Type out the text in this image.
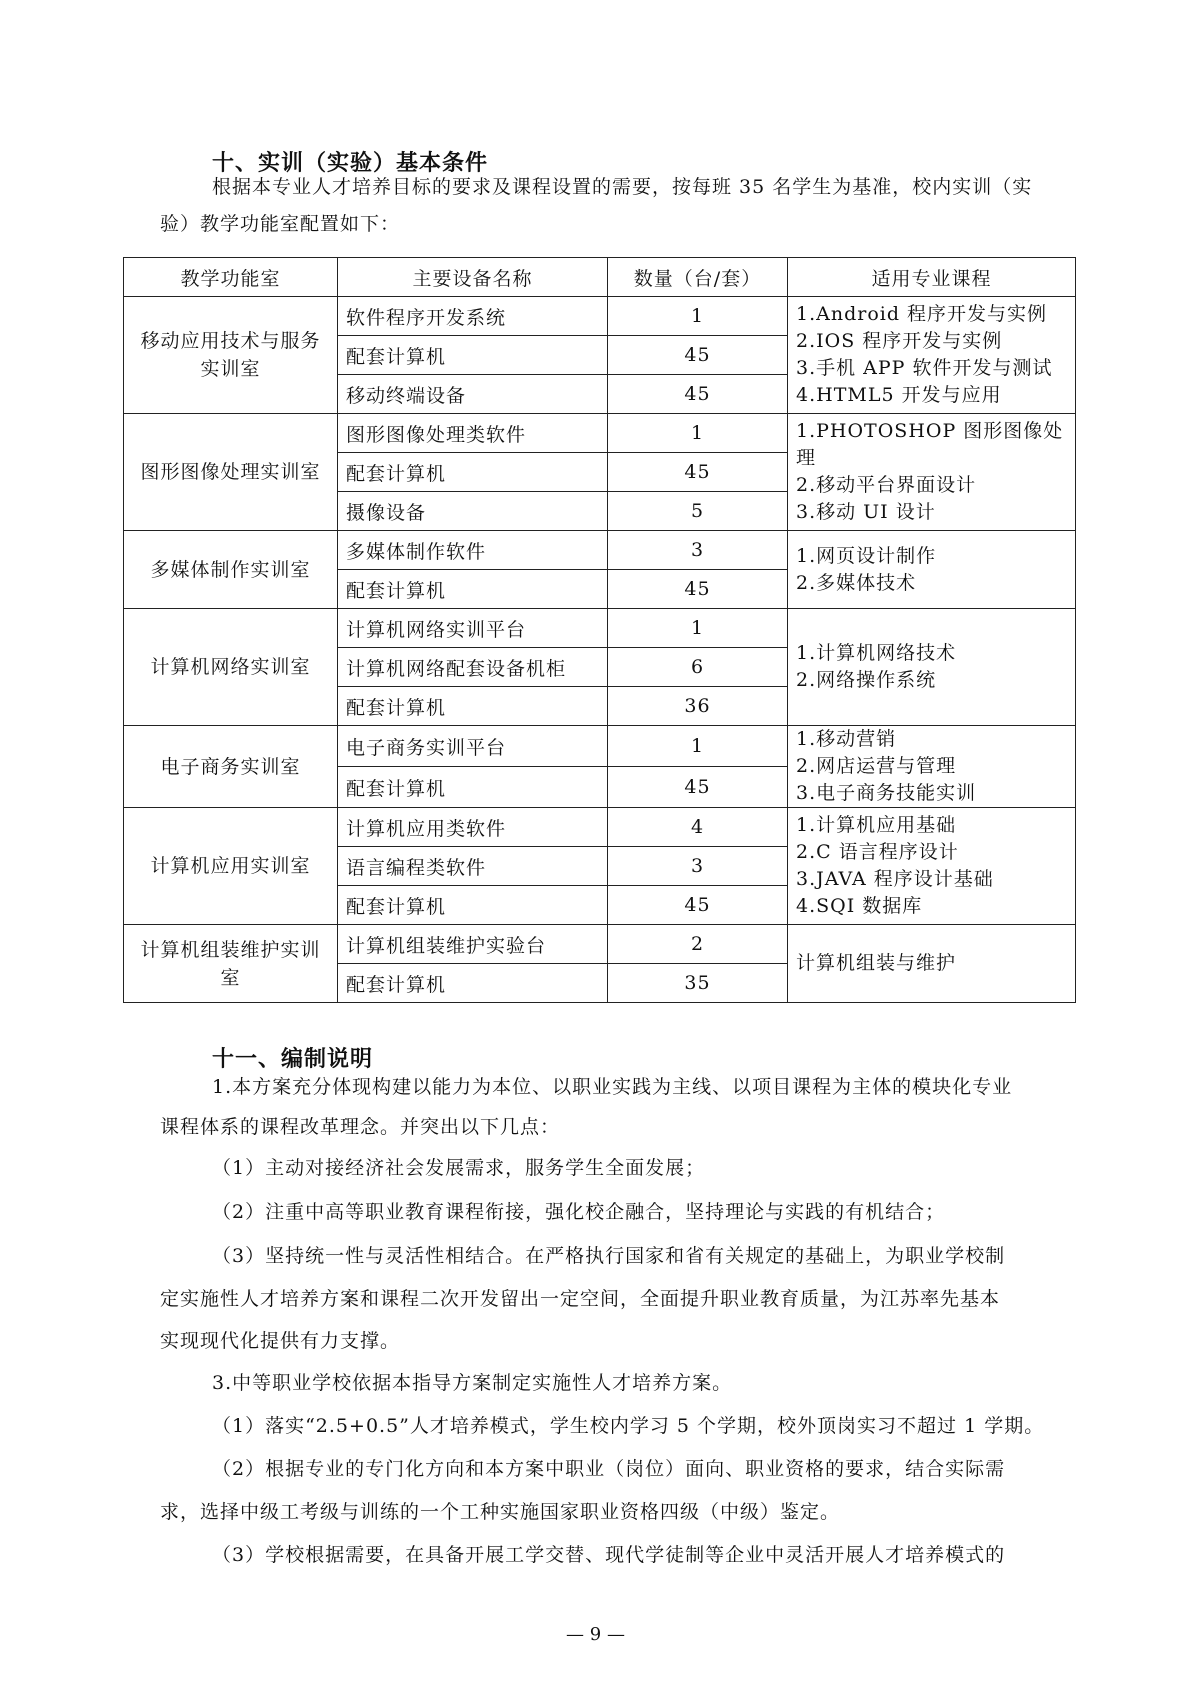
十、实训（实验）基本条件
根据本专业人才培养目标的要求及课程设置的需要，按每班 35 名学生为基准，校内实训（实
验）教学功能室配置如下：
教学功能室	主要设备名称	数量（台/套）	适用专业课程
移动应用技术与服务实训室	软件程序开发系统	1	1.Android 程序开发与实例
2.IOS 程序开发与实例
3.手机 APP 软件开发与测试
4.HTML5 开发与应用

	配套计算机	45	
	移动终端设备	45	
图形图像处理实训室	图形图像处理类软件	1	1.PHOTOSHOP 图形图像处理
2.移动平台界面设计
3.移动 UI 设计

	配套计算机	45	
	摄像设备	5	
多媒体制作实训室	多媒体制作软件	3	1.网页设计制作
2.多媒体技术

	配套计算机	45	
计算机网络实训室	计算机网络实训平台	1	1.计算机网络技术
2.网络操作系统

	计算机网络配套设备机柜	6	
	配套计算机	36	
电子商务实训室	电子商务实训平台	1	1.移动营销
2.网店运营与管理
3.电子商务技能实训

	配套计算机	45	
计算机应用实训室	计算机应用类软件	4	1.计算机应用基础
2.C 语言程序设计
3.JAVA 程序设计基础
4.SQI 数据库

	语言编程类软件	3	
	配套计算机	45	
计算机组装维护实训室	计算机组装维护实验台	2	计算机组装与维护

	配套计算机	35	
十一、编制说明
1.本方案充分体现构建以能力为本位、以职业实践为主线、以项目课程为主体的模块化专业
课程体系的课程改革理念。并突出以下几点：
（1）主动对接经济社会发展需求，服务学生全面发展；
（2）注重中高等职业教育课程衔接，强化校企融合，坚持理论与实践的有机结合；
（3）坚持统一性与灵活性相结合。在严格执行国家和省有关规定的基础上，为职业学校制
定实施性人才培养方案和课程二次开发留出一定空间，全面提升职业教育质量，为江苏率先基本
实现现代化提供有力支撑。
3.中等职业学校依据本指导方案制定实施性人才培养方案。
（1）落实“2.5+0.5”人才培养模式，学生校内学习 5 个学期，校外顶岗实习不超过 1 学期。
（2）根据专业的专门化方向和本方案中职业（岗位）面向、职业资格的要求，结合实际需
求，选择中级工考级与训练的一个工种实施国家职业资格四级（中级）鉴定。
（3）学校根据需要，在具备开展工学交替、现代学徒制等企业中灵活开展人才培养模式的
— 9 —
